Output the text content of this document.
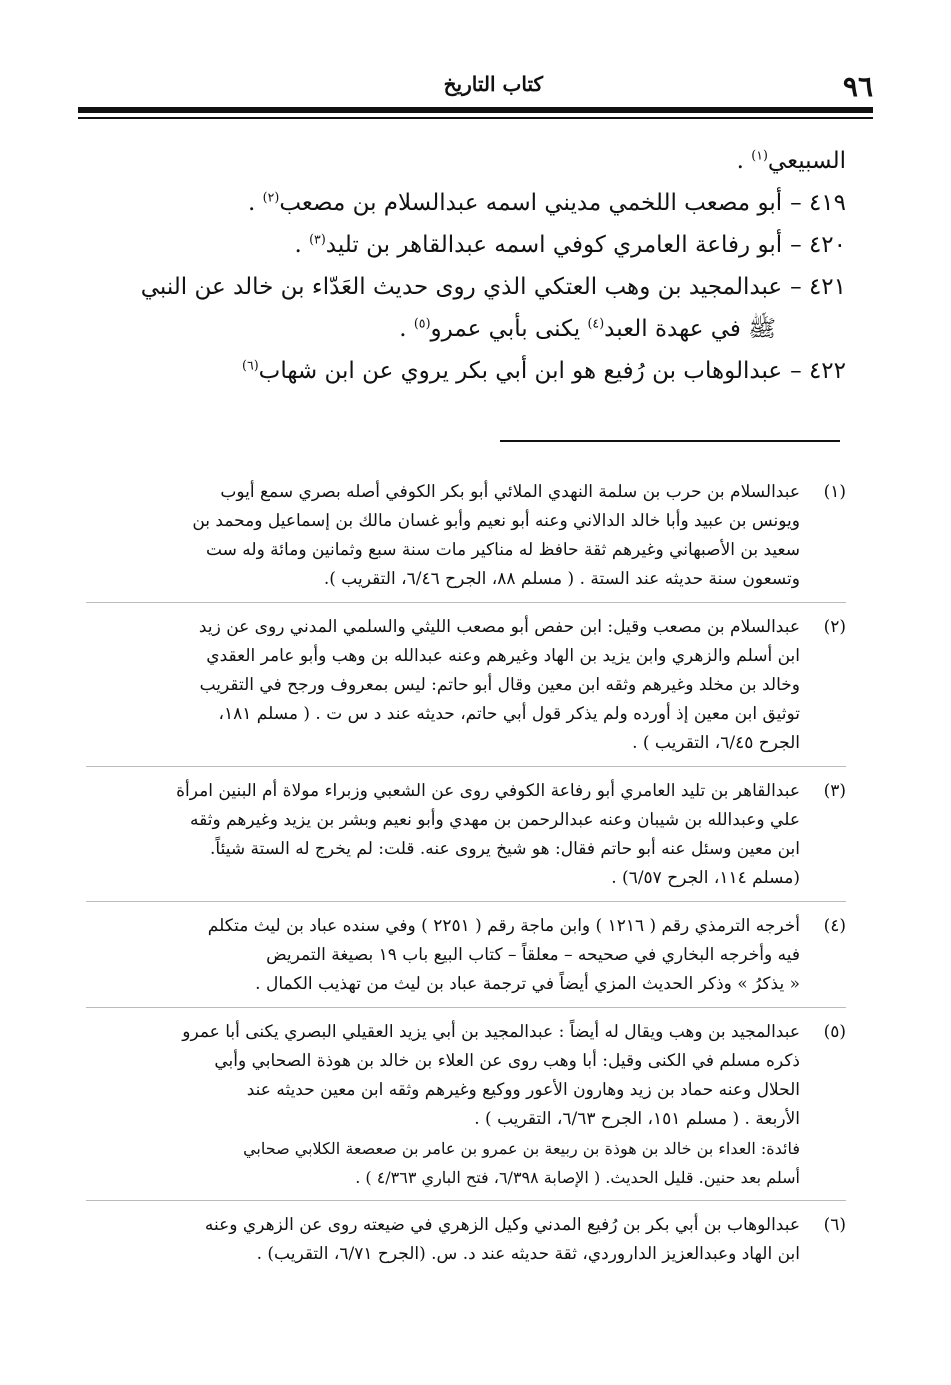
٩٦
كتاب التاريخ
السبيعي$^{(١)}$ .
٤١٩ –
أبو مصعب اللخمي مديني اسمه عبدالسلام بن مصعب$^{(٢)}$ .
٤٢٠ –
أبو رفاعة العامري كوفي اسمه عبدالقاهر بن تليد$^{(٣)}$ .
٤٢١ –
عبدالمجيد بن وهب العتكي الذي روى حديث العَدّاء بن خالد عن النبي
ﷺ في عهدة العبد$^{(٤)}$ يكنى بأبي عمرو$^{(٥)}$ .
٤٢٢ –
عبدالوهاب بن رُفيع هو ابن أبي بكر يروي عن ابن شهاب$^{(٦)}$
(١)
عبدالسلام بن حرب بن سلمة النهدي الملائي أبو بكر الكوفي أصله بصري سمع أيوب
ويونس بن عبيد وأبا خالد الدالاني وعنه أبو نعيم وأبو غسان مالك بن إسماعيل ومحمد بن
سعيد بن الأصبهاني وغيرهم ثقة حافظ له مناكير مات سنة سبع وثمانين ومائة وله ست
وتسعون سنة حديثه عند الستة . ( مسلم ٨٨، الجرح ٦/٤٦، التقريب ).
(٢)
عبدالسلام بن مصعب وقيل: ابن حفص أبو مصعب الليثي والسلمي المدني روى عن زيد
ابن أسلم والزهري وابن يزيد بن الهاد وغيرهم وعنه عبدالله بن وهب وأبو عامر العقدي
وخالد بن مخلد وغيرهم وثقه ابن معين وقال أبو حاتم: ليس بمعروف ورجح في التقريب
توثيق ابن معين إذ أورده ولم يذكر قول أبي حاتم، حديثه عند د س ت . ( مسلم ١٨١،
الجرح ٦/٤٥، التقريب ) .
(٣)
عبدالقاهر بن تليد العامري أبو رفاعة الكوفي روى عن الشعبي وزبراء مولاة أم البنين امرأة
علي وعبدالله بن شيبان وعنه عبدالرحمن بن مهدي وأبو نعيم وبشر بن يزيد وغيرهم وثقه
ابن معين وسئل عنه أبو حاتم فقال: هو شيخ يروى عنه. قلت: لم يخرج له الستة شيئاً.
(مسلم ١١٤، الجرح ٦/٥٧) .
(٤)
أخرجه الترمذي رقم ( ١٢١٦ ) وابن ماجة رقم ( ٢٢٥١ ) وفي سنده عباد بن ليث متكلم
فيه وأخرجه البخاري في صحيحه – معلقاً – كتاب البيع باب ١٩ بصيغة التمريض
« يذكرُ » وذكر الحديث المزي أيضاً في ترجمة عباد بن ليث من تهذيب الكمال .
(٥)
عبدالمجيد بن وهب ويقال له أيضاً : عبدالمجيد بن أبي يزيد العقيلي البصري يكنى أبا عمرو
ذكره مسلم في الكنى وقيل: أبا وهب روى عن العلاء بن خالد بن هوذة الصحابي وأبي
الحلال وعنه حماد بن زيد وهارون الأعور ووكيع وغيرهم وثقه ابن معين حديثه عند
الأربعة . ( مسلم ١٥١، الجرح ٦/٦٣، التقريب ) .
فائدة: العداء بن خالد بن هوذة بن ربيعة بن عمرو بن عامر بن صعصعة الكلابي صحابي
أسلم بعد حنين. قليل الحديث. ( الإصابة ٦/٣٩٨، فتح الباري ٤/٣٦٣ ) .
(٦)
عبدالوهاب بن أبي بكر بن رُفيع المدني وكيل الزهري في ضيعته روى عن الزهري وعنه
ابن الهاد وعبدالعزيز الداروردي، ثقة حديثه عند د. س. (الجرح ٦/٧١، التقريب) .
